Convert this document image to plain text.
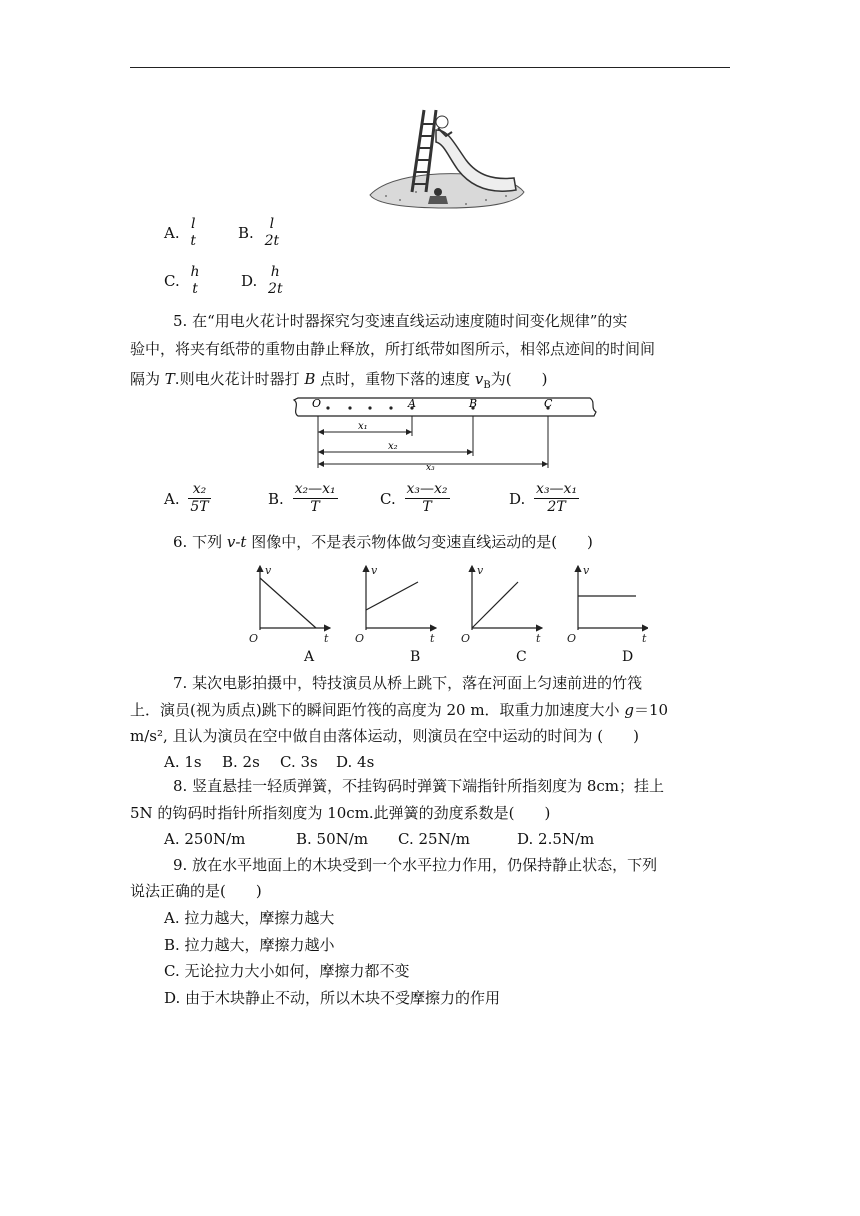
A. l
t	B.	l
2t
C. h
t	D. h
2t
5. 在“用电火花计时器探究匀变速直线运动速度随时间变化规律”的实
验中，将夹有纸带的重物由静止释放，所打纸带如图所示，相邻点迹间的时间间
隔为 T.则电火花计时器打 B 点时，重物下落的速度 $v_B$为(　　)
O	A	B	C
x₁
x₂
x₃
A. $\frac{\text{x₂}}{5T}$	B. $\frac{\text{x₂—x₁}}{T}$	C. $\frac{\text{x₃—x₂}}{T}$	D. $\frac{\text{x₃—x₁}}{2T}$
6. 下列 v-t 图像中，不是表示物体做匀变速直线运动的是(　　)
v
t
O
v
t
O
v
t
O
v
t
O
A	B	C	D
7. 某次电影拍摄中，特技演员从桥上跳下，落在河面上匀速前进的竹筏
上．演员(视为质点)跳下的瞬间距竹筏的高度为 20 m．取重力加速度大小 g＝10
m/s², 且认为演员在空中做自由落体运动，则演员在空中运动的时间为 (　　)
A. 1s B. 2s C. 3s D. 4s
8. 竖直悬挂一轻质弹簧，不挂钩码时弹簧下端指针所指刻度为 8cm；挂上
5N 的钩码时指针所指刻度为 10cm.此弹簧的劲度系数是(　　)
A. 250N/m	B. 50N/m C. 25N/m	D. 2.5N/m
9. 放在水平地面上的木块受到一个水平拉力作用，仍保持静止状态，下列
说法正确的是(　　)
A. 拉力越大，摩擦力越大
B. 拉力越大，摩擦力越小
C. 无论拉力大小如何，摩擦力都不变
D. 由于木块静止不动，所以木块不受摩擦力的作用
